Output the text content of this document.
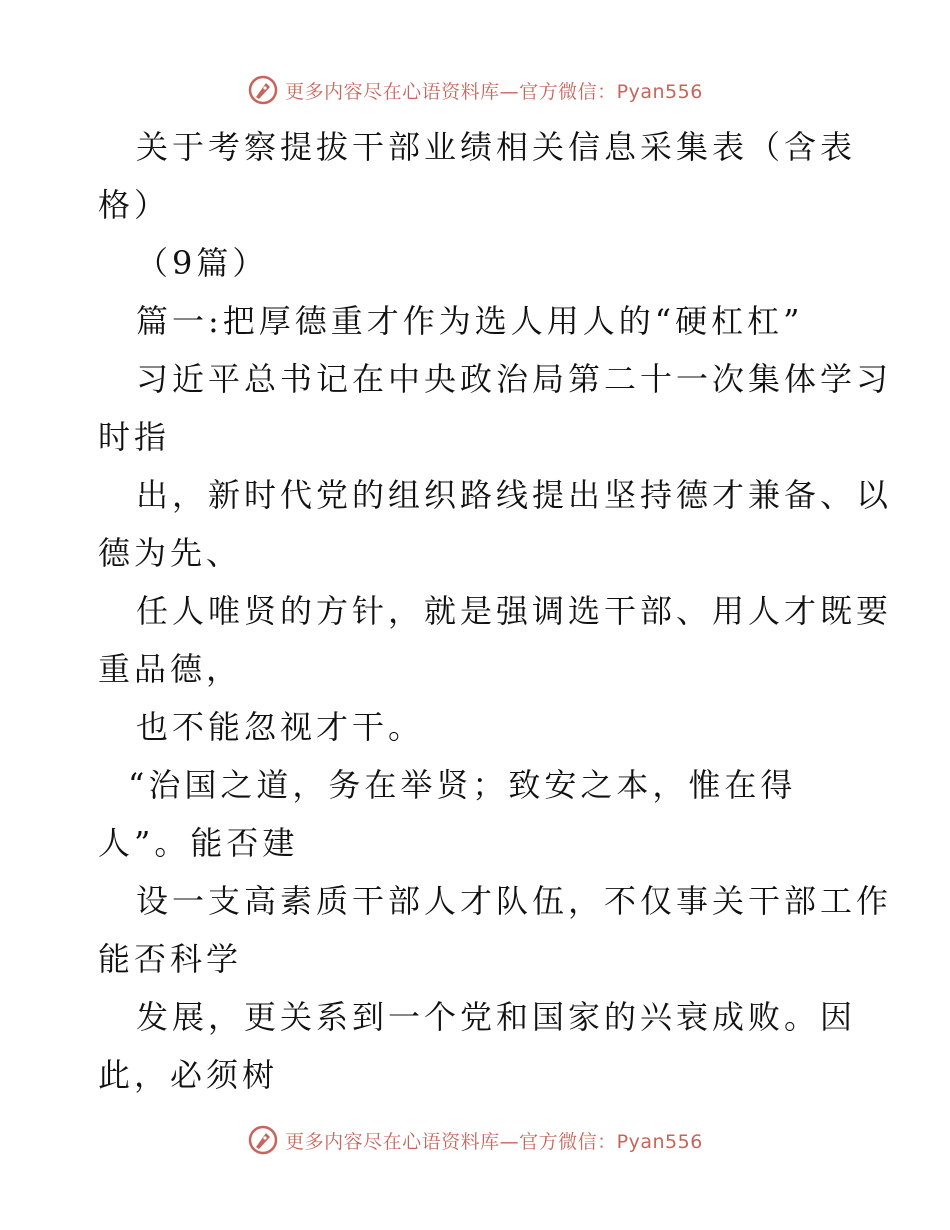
更多内容尽在心语资料库—官方微信：Pyan556
关于考察提拔干部业绩相关信息采集表（含表
格）
（9篇）
篇一:把厚德重才作为选人用人的“硬杠杠”
习近平总书记在中央政治局第二十一次集体学习
时指
出，新时代党的组织路线提出坚持德才兼备、以
德为先、
任人唯贤的方针，就是强调选干部、用人才既要
重品德，
也不能忽视才干。
“治国之道，务在举贤；致安之本，惟在得
人”。能否建
设一支高素质干部人才队伍，不仅事关干部工作
能否科学
发展，更关系到一个党和国家的兴衰成败。因
此，必须树
更多内容尽在心语资料库—官方微信：Pyan556
